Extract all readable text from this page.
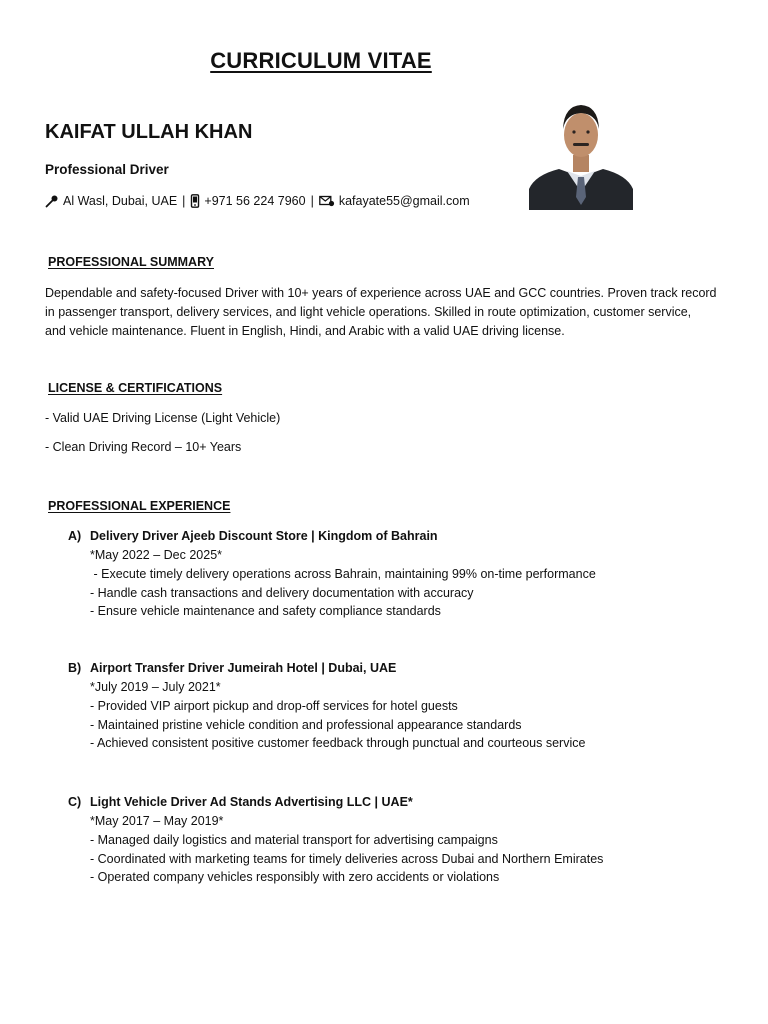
CURRICULUM VITAE
KAIFAT ULLAH KHAN
Professional Driver
Al Wasl, Dubai, UAE | +971 56 224 7960 | kafayate55@gmail.com
PROFESSIONAL SUMMARY
Dependable and safety-focused Driver with 10+ years of experience across UAE and GCC countries. Proven track record
in passenger transport, delivery services, and light vehicle operations. Skilled in route optimization, customer service,
and vehicle maintenance. Fluent in English, Hindi, and Arabic with a valid UAE driving license.
LICENSE & CERTIFICATIONS
- Valid UAE Driving License (Light Vehicle)
- Clean Driving Record – 10+ Years
PROFESSIONAL EXPERIENCE
A) Delivery Driver Ajeeb Discount Store | Kingdom of Bahrain
*May 2022 – Dec 2025*
- Execute timely delivery operations across Bahrain, maintaining 99% on-time performance
- Handle cash transactions and delivery documentation with accuracy
- Ensure vehicle maintenance and safety compliance standards
B) Airport Transfer Driver Jumeirah Hotel | Dubai, UAE
*July 2019 – July 2021*
- Provided VIP airport pickup and drop-off services for hotel guests
- Maintained pristine vehicle condition and professional appearance standards
- Achieved consistent positive customer feedback through punctual and courteous service
C) Light Vehicle Driver Ad Stands Advertising LLC | UAE*
*May 2017 – May 2019*
- Managed daily logistics and material transport for advertising campaigns
- Coordinated with marketing teams for timely deliveries across Dubai and Northern Emirates
- Operated company vehicles responsibly with zero accidents or violations
